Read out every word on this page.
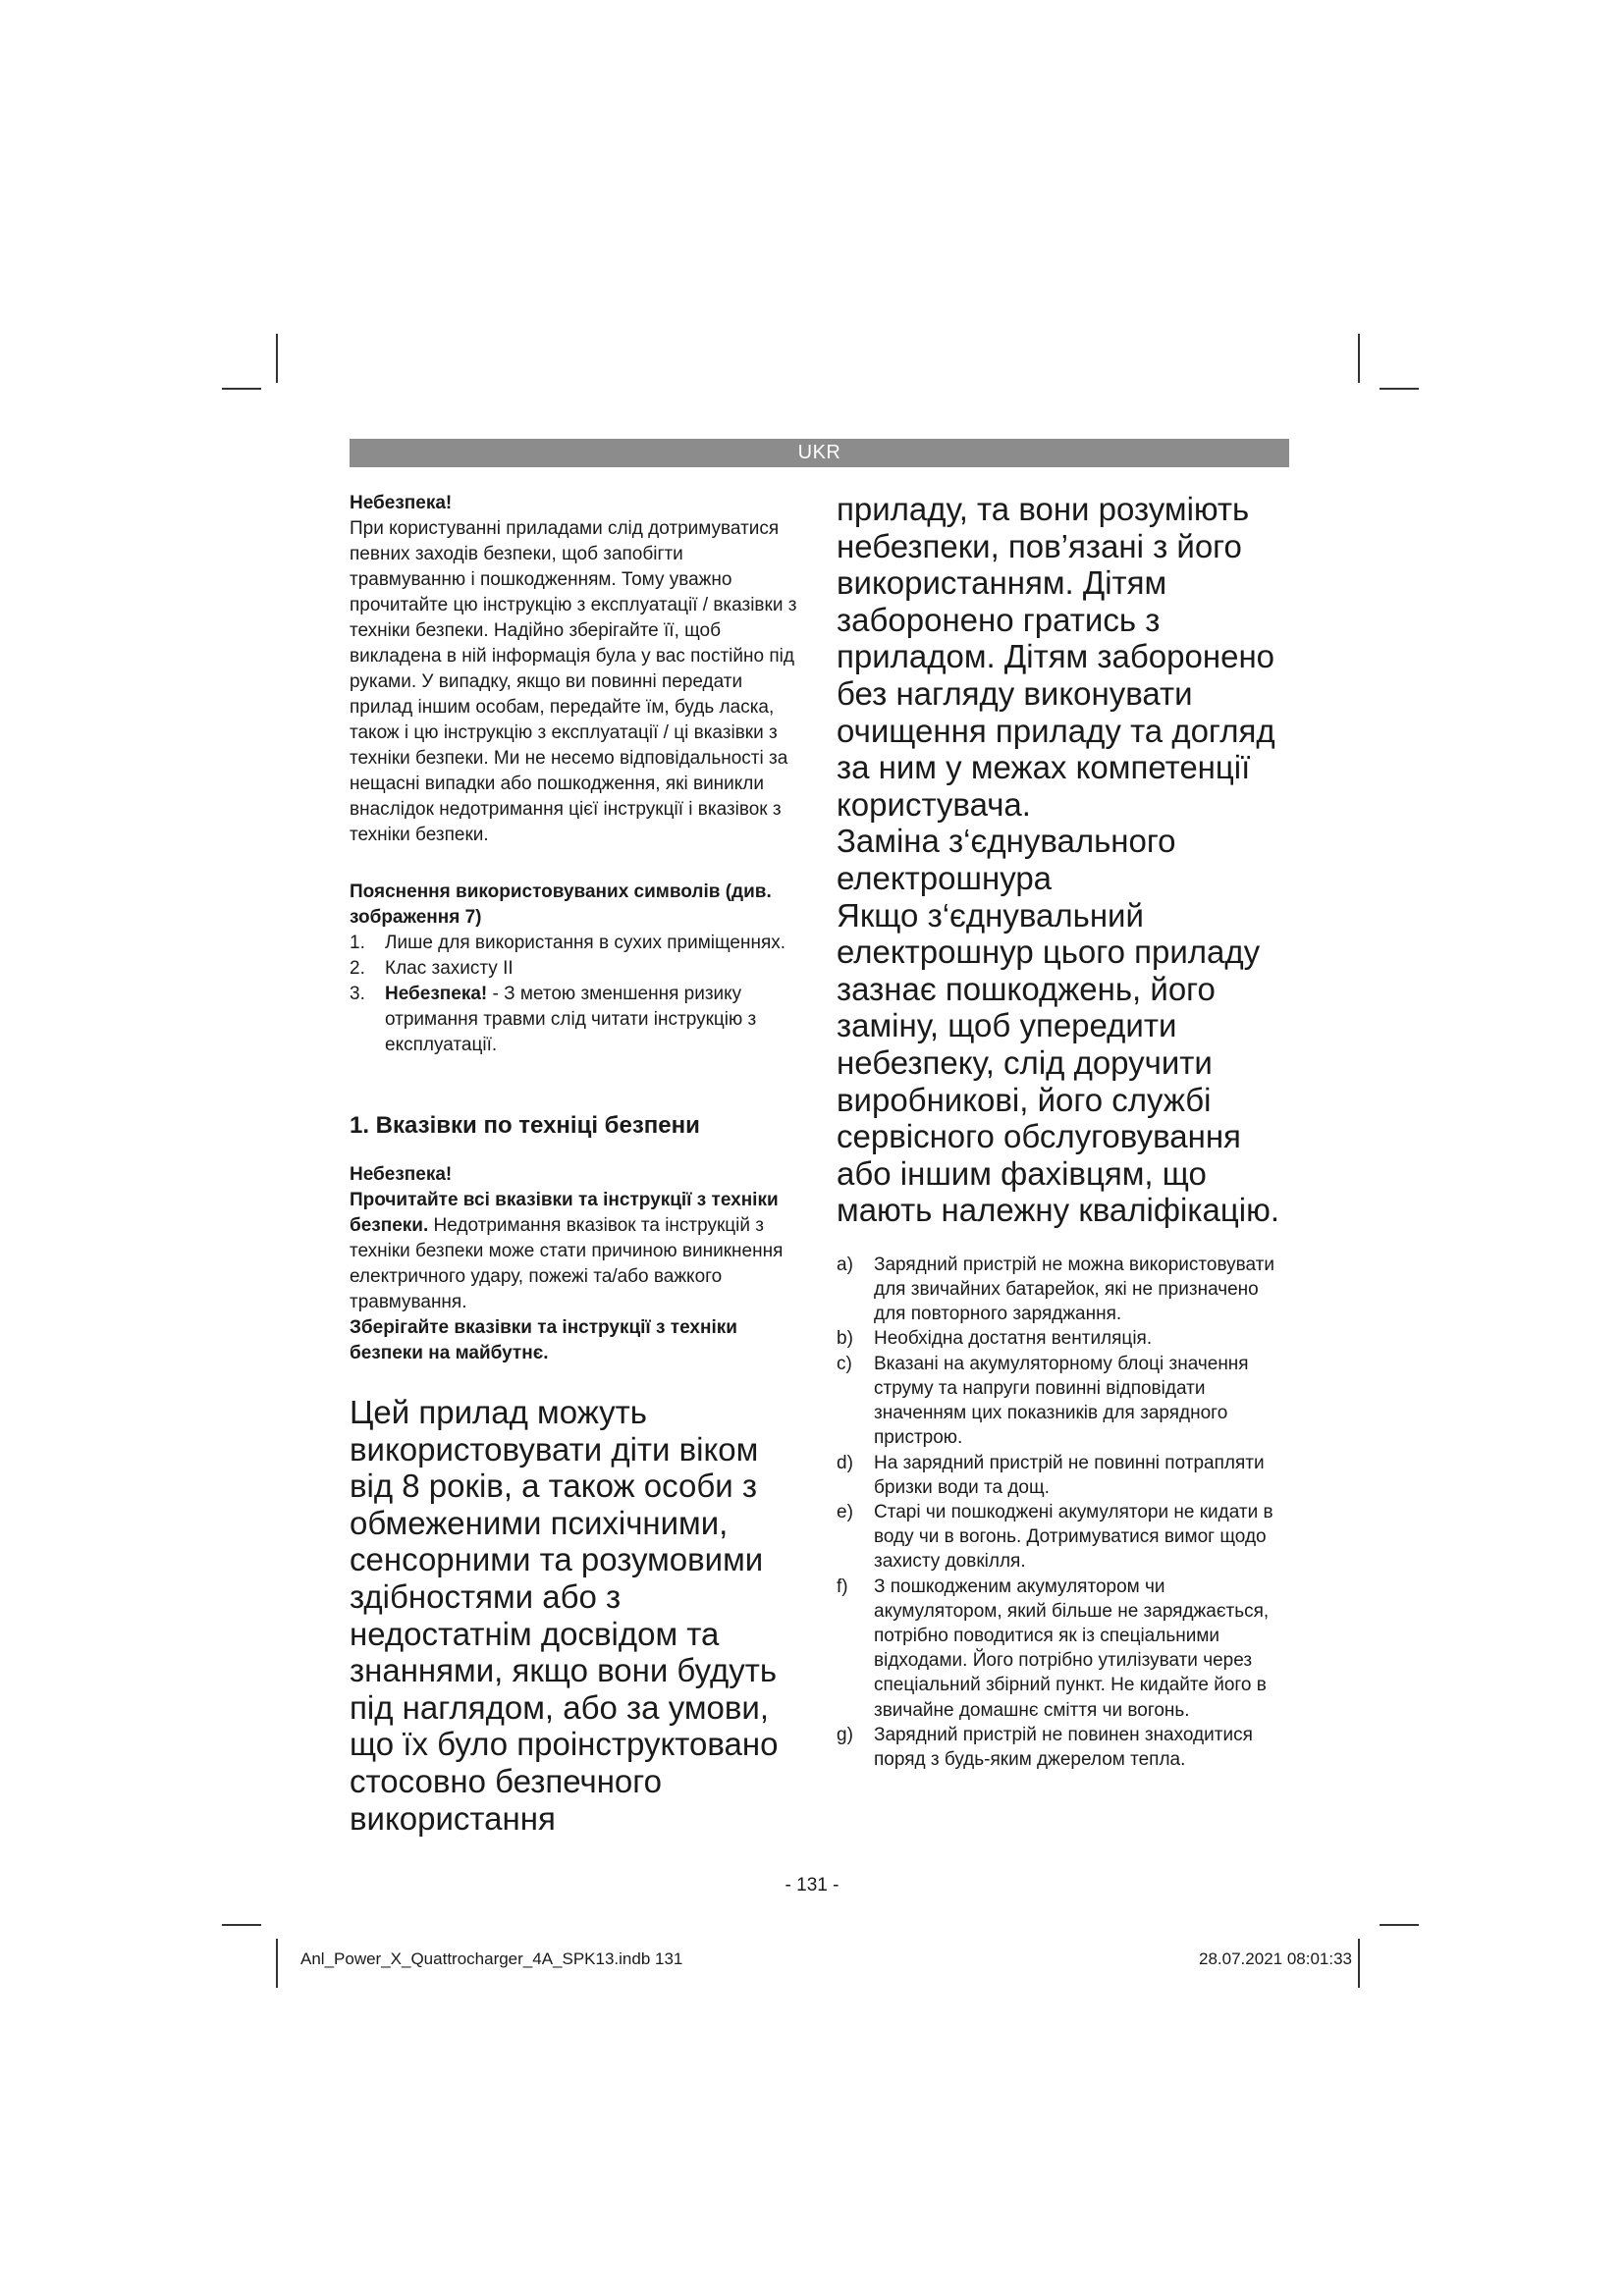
UKR

Небезпека!

При користуванні приладами слід дотримуватися певних заходів безпеки, щоб запобігти травмуванню і пошкодженням. Тому уважно прочитайте цю інструкцію з експлуатації / вказівки з техніки безпеки. Надійно зберігайте її, щоб викладена в ній інформація була у вас постійно під руками. У випадку, якщо ви повинні передати прилад іншим особам, передайте їм, будь ласка, також і цю інструкцію з експлуатації / ці вказівки з техніки безпеки. Ми не несемо відповідальності за нещасні випадки або пошкодження, які виникли внаслідок недотримання цієї інструкції і вказівок з техніки безпеки.

Пояснення використовуваних символів (див. зображення 7)

1.	Лише для використання в сухих приміщеннях.
2.	Клас захисту II
3.	Небезпека! - З метою зменшення ризику отримання травми слід читати інструкцію з експлуатації.

1. Вказівки по техніці безпени

Небезпека!

Прочитайте всі вказівки та інструкції з техніки безпеки. Недотримання вказівок та інструкцій з техніки безпеки може стати причиною виникнення електричного удару, пожежі та/або важкого травмування.

Зберігайте вказівки та інструкції з техніки безпеки на майбутнє.

Цей прилад можуть використовувати діти віком від 8 років, а також особи з обмеженими психічними, сенсорними та розумовими здібностями або з недостатнім досвідом та знаннями, якщо вони будуть під наглядом, або за умови, що їх було проінструктовано стосовно безпечного використання

приладу, та вони розуміють небезпеки, пов’язані з його використанням. Дітям заборонено гратись з приладом. Дітям заборонено без нагляду виконувати очищення приладу та догляд за ним у межах компетенції користувача.

Заміна з‘єднувального електрошнура

Якщо з‘єднувальний електрошнур цього приладу зазнає пошкоджень, його заміну, щоб упередити небезпеку, слід доручити виробникові, його службі сервісного обслуговування або іншим фахівцям, що мають належну кваліфікацію.

a)	Зарядний пристрій не можна використовувати для звичайних батарейок, які не призначено для повторного заряджання.
b)	Необхідна достатня вентиляція.
c)	Вказані на акумуляторному блоці значення струму та напруги повинні відповідати значенням цих показників для зарядного пристрою.
d)	На зарядний пристрій не повинні потрапляти бризки води та дощ.
e)	Старі чи пошкоджені акумулятори не кидати в воду чи в вогонь. Дотримуватися вимог щодо захисту довкілля.
f)	З пошкодженим акумулятором чи акумулятором, який більше не заряджається, потрібно поводитися як із спеціальними відходами. Його потрібно утилізувати через спеціальний збірний пункт. Не кидайте його в звичайне домашнє сміття чи вогонь.
g)	Зарядний пристрій не повинен знаходитися поряд з будь-яким джерелом тепла.
- 131 -
Anl_Power_X_Quattrocharger_4A_SPK13.indb 131	28.07.2021 08:01:33
